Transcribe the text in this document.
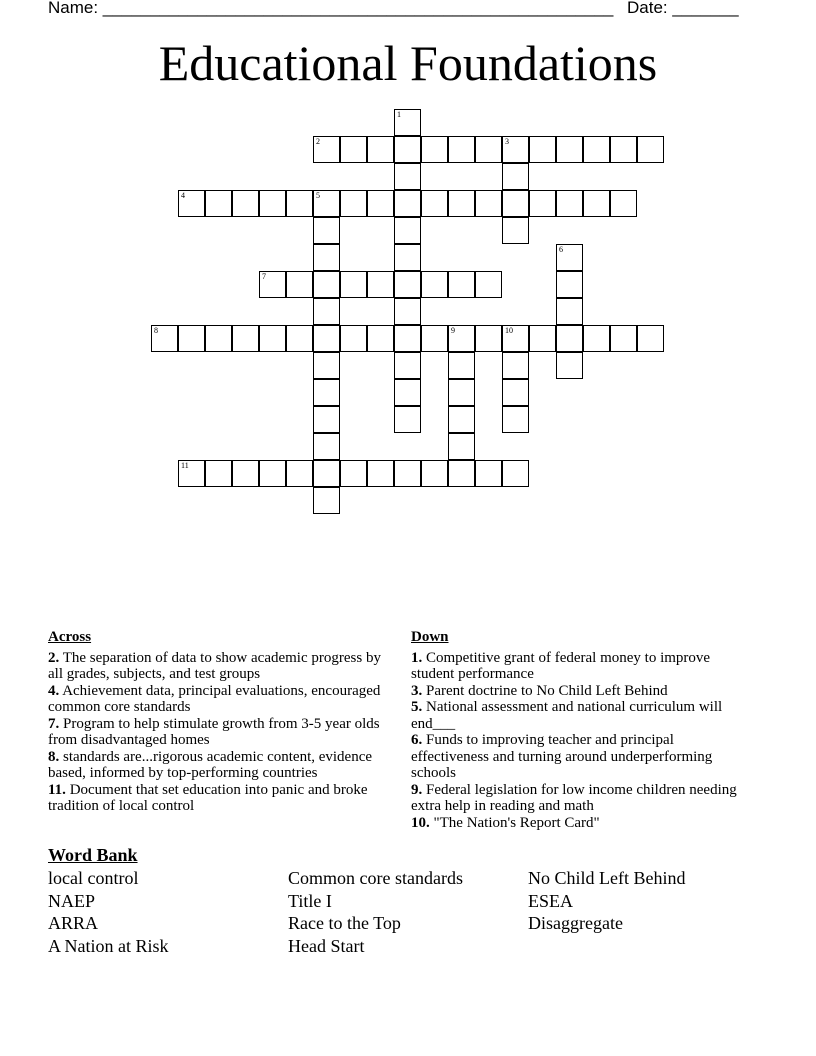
Name: ______________________________________________________ Date: _______
Educational Foundations
1
2	3
4	5
6
7
8	9	10
11
Across
2. The separation of data to show academic progress by all grades, subjects, and test groups
4. Achievement data, principal evaluations, encouraged common core standards
7. Program to help stimulate growth from 3-5 year olds from disadvantaged homes
8. standards are...rigorous academic content, evidence based, informed by top-performing countries
11. Document that set education into panic and broke tradition of local control
Down
1. Competitive grant of federal money to improve student performance
3. Parent doctrine to No Child Left Behind
5. National assessment and national curriculum will end___
6. Funds to improving teacher and principal effectiveness and turning around underperforming schools
9. Federal legislation for low income children needing extra help in reading and math
10. "The Nation's Report Card"
Word Bank
local control	Common core standards	No Child Left Behind
NAEP	Title I	ESEA
ARRA	Race to the Top	Disaggregate
A Nation at Risk	Head Start
